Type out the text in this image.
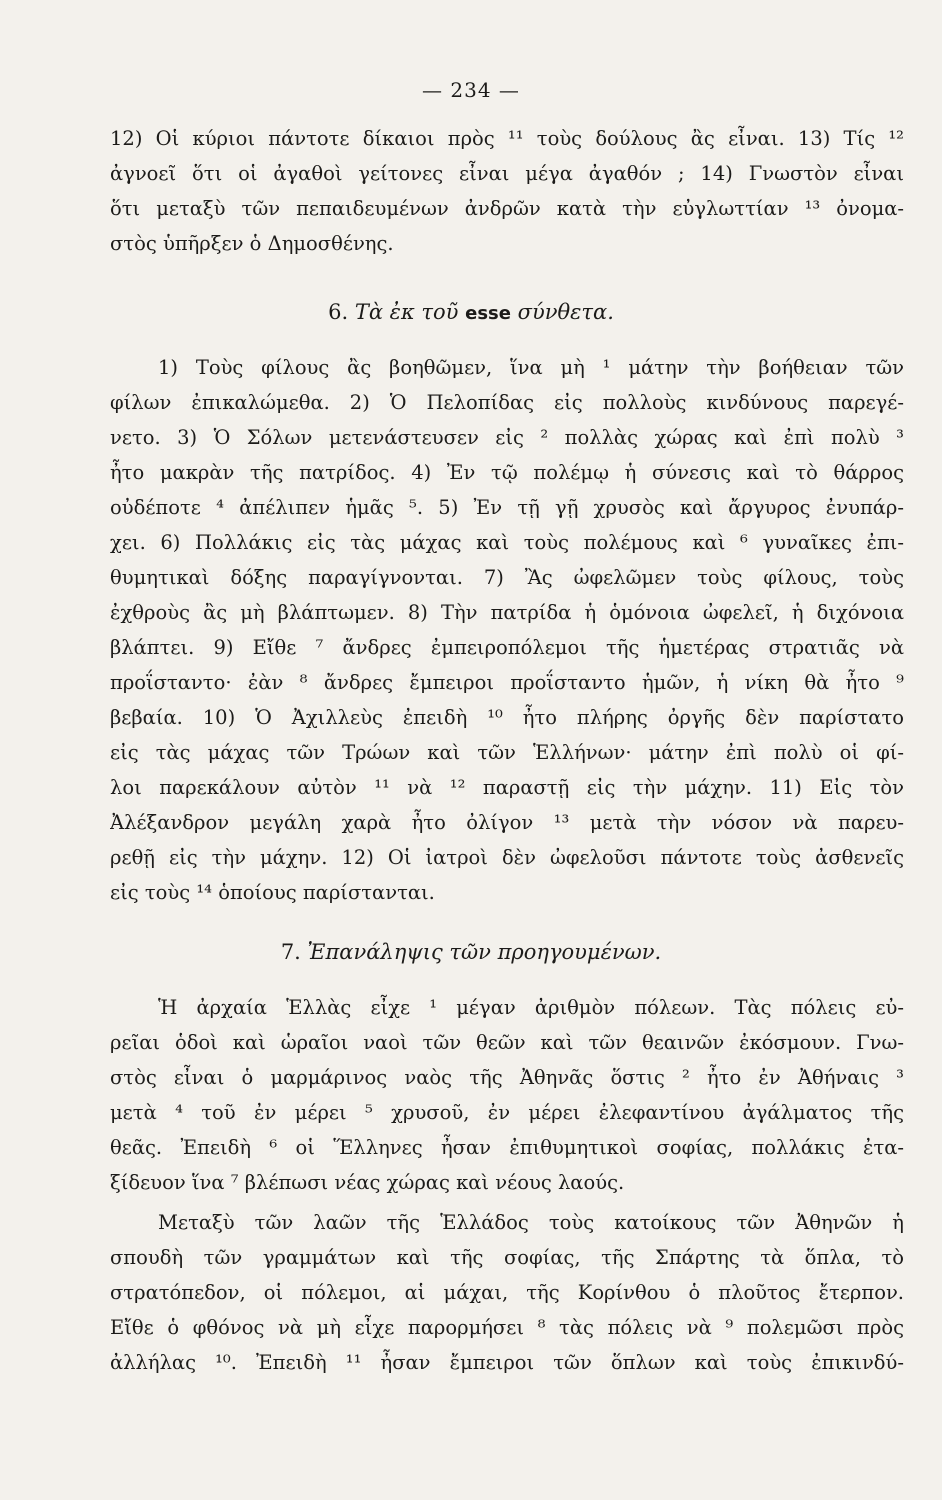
— 234 —
12) Οἱ κύριοι πάντοτε δίκαιοι πρὸς ¹¹ τοὺς δούλους ἂς εἶναι. 13) Τίς ¹²
ἀγνοεῖ ὅτι οἱ ἀγαθοὶ γείτονες εἶναι μέγα ἀγαθόν ; 14) Γνωστὸν εἶναι
ὅτι μεταξὺ τῶν πεπαιδευμένων ἀνδρῶν κατὰ τὴν εὐγλωττίαν ¹³ ὀνομα-
στὸς ὑπῆρξεν ὁ Δημοσθένης.
6. Τὰ ἐκ τοῦ esse σύνθετα.
1) Τοὺς φίλους ἂς βοηθῶμεν, ἵνα μὴ ¹ μάτην τὴν βοήθειαν τῶν
φίλων ἐπικαλώμεθα. 2) Ὁ Πελοπίδας εἰς πολλοὺς κινδύνους παρεγέ-
νετο. 3) Ὁ Σόλων μετενάστευσεν εἰς ² πολλὰς χώρας καὶ ἐπὶ πολὺ ³
ἦτο μακρὰν τῆς πατρίδος. 4) Ἐν τῷ πολέμῳ ἡ σύνεσις καὶ τὸ θάρρος
οὐδέποτε ⁴ ἀπέλιπεν ἡμᾶς ⁵. 5) Ἐν τῇ γῇ χρυσὸς καὶ ἄργυρος ἐνυπάρ-
χει. 6) Πολλάκις εἰς τὰς μάχας καὶ τοὺς πολέμους καὶ ⁶ γυναῖκες ἐπι-
θυμητικαὶ δόξης παραγίγνονται. 7) Ἂς ὠφελῶμεν τοὺς φίλους, τοὺς
ἐχθροὺς ἂς μὴ βλάπτωμεν. 8) Τὴν πατρίδα ἡ ὁμόνοια ὠφελεῖ, ἡ διχόνοια
βλάπτει. 9) Εἴθε ⁷ ἄνδρες ἐμπειροπόλεμοι τῆς ἡμετέρας στρατιᾶς νὰ
προΐσταντο· ἐὰν ⁸ ἄνδρες ἔμπειροι προΐσταντο ἡμῶν, ἡ νίκη θὰ ἦτο ⁹
βεβαία. 10) Ὁ Ἀχιλλεὺς ἐπειδὴ ¹⁰ ἦτο πλήρης ὀργῆς δὲν παρίστατο
εἰς τὰς μάχας τῶν Τρώων καὶ τῶν Ἑλλήνων· μάτην ἐπὶ πολὺ οἱ φί-
λοι παρεκάλουν αὐτὸν ¹¹ νὰ ¹² παραστῇ εἰς τὴν μάχην. 11) Εἰς τὸν
Ἀλέξανδρον μεγάλη χαρὰ ἦτο ὀλίγον ¹³ μετὰ τὴν νόσον νὰ παρευ-
ρεθῇ εἰς τὴν μάχην. 12) Οἱ ἰατροὶ δὲν ὠφελοῦσι πάντοτε τοὺς ἀσθενεῖς
εἰς τοὺς ¹⁴ ὁποίους παρίστανται.
7. Ἐπανάληψις τῶν προηγουμένων.
Ἡ ἀρχαία Ἑλλὰς εἶχε ¹ μέγαν ἀριθμὸν πόλεων. Τὰς πόλεις εὐ-
ρεῖαι ὁδοὶ καὶ ὡραῖοι ναοὶ τῶν θεῶν καὶ τῶν θεαινῶν ἐκόσμουν. Γνω-
στὸς εἶναι ὁ μαρμάρινος ναὸς τῆς Ἀθηνᾶς ὅστις ² ἦτο ἐν Ἀθήναις ³
μετὰ ⁴ τοῦ ἐν μέρει ⁵ χρυσοῦ, ἐν μέρει ἐλεφαντίνου ἀγάλματος τῆς
θεᾶς. Ἐπειδὴ ⁶ οἱ Ἕλληνες ἦσαν ἐπιθυμητικοὶ σοφίας, πολλάκις ἐτα-
ξίδευον ἵνα ⁷ βλέπωσι νέας χώρας καὶ νέους λαούς.
Μεταξὺ τῶν λαῶν τῆς Ἑλλάδος τοὺς κατοίκους τῶν Ἀθηνῶν ἡ
σπουδὴ τῶν γραμμάτων καὶ τῆς σοφίας, τῆς Σπάρτης τὰ ὅπλα, τὸ
στρατόπεδον, οἱ πόλεμοι, αἱ μάχαι, τῆς Κορίνθου ὁ πλοῦτος ἔτερπον.
Εἴθε ὁ φθόνος νὰ μὴ εἶχε παρορμήσει ⁸ τὰς πόλεις νὰ ⁹ πολεμῶσι πρὸς
ἀλλήλας ¹⁰. Ἐπειδὴ ¹¹ ἦσαν ἔμπειροι τῶν ὅπλων καὶ τοὺς ἐπικινδύ-
